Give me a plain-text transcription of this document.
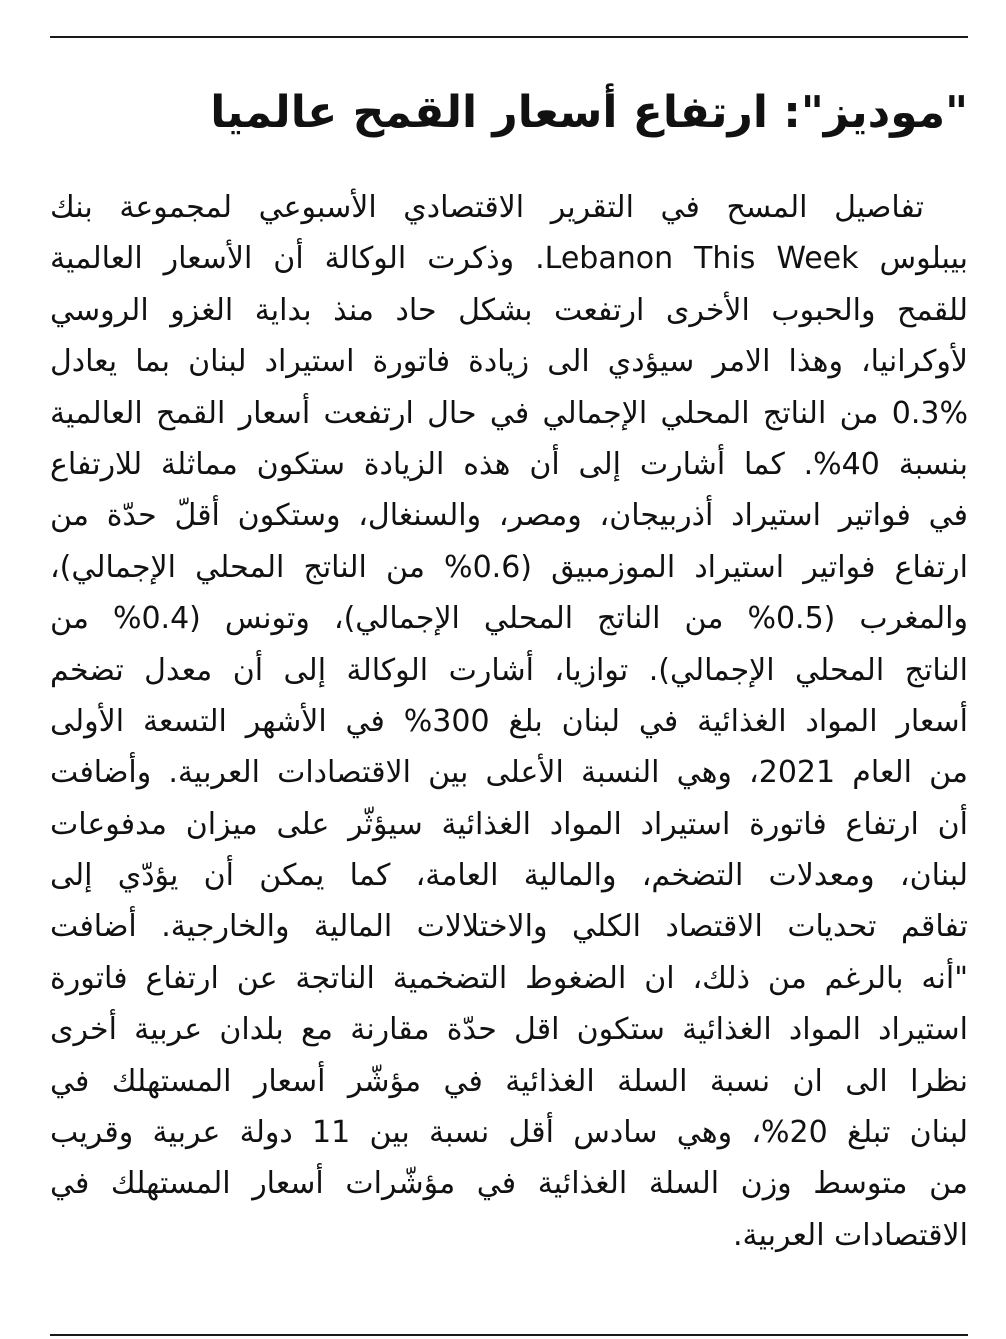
"موديز": ارتفاع أسعار القمح عالميا
تفاصيل المسح في التقرير الاقتصادي الأسبوعي لمجموعة بنك
بيبلوس Lebanon This Week. وذكرت الوكالة أن الأسعار العالمية
للقمح والحبوب الأخرى ارتفعت بشكل حاد منذ بداية الغزو الروسي
لأوكرانيا، وهذا الامر سيؤدي الى زيادة فاتورة استيراد لبنان بما يعادل
0.3% من الناتج المحلي الإجمالي في حال ارتفعت أسعار القمح العالمية
بنسبة 40%. كما أشارت إلى أن هذه الزيادة ستكون مماثلة للارتفاع
في فواتير استيراد أذربيجان، ومصر، والسنغال، وستكون أقلّ حدّة من
ارتفاع فواتير استيراد الموزمبيق (0.6% من الناتج المحلي الإجمالي)،
والمغرب (0.5% من الناتج المحلي الإجمالي)، وتونس (0.4% من
الناتج المحلي الإجمالي). توازيا، أشارت الوكالة إلى أن معدل تضخم
أسعار المواد الغذائية في لبنان بلغ 300% في الأشهر التسعة الأولى
من العام 2021، وهي النسبة الأعلى بين الاقتصادات العربية. وأضافت
أن ارتفاع فاتورة استيراد المواد الغذائية سيؤثّر على ميزان مدفوعات
لبنان، ومعدلات التضخم، والمالية العامة، كما يمكن أن يؤدّي إلى
تفاقم تحديات الاقتصاد الكلي والاختلالات المالية والخارجية. أضافت
"أنه بالرغم من ذلك، ان الضغوط التضخمية الناتجة عن ارتفاع فاتورة
استيراد المواد الغذائية ستكون اقل حدّة مقارنة مع بلدان عربية أخرى
نظرا الى ان نسبة السلة الغذائية في مؤشّر أسعار المستهلك في
لبنان تبلغ 20%، وهي سادس أقل نسبة بين 11 دولة عربية وقريب
من متوسط وزن السلة الغذائية في مؤشّرات أسعار المستهلك في
الاقتصادات العربية.
